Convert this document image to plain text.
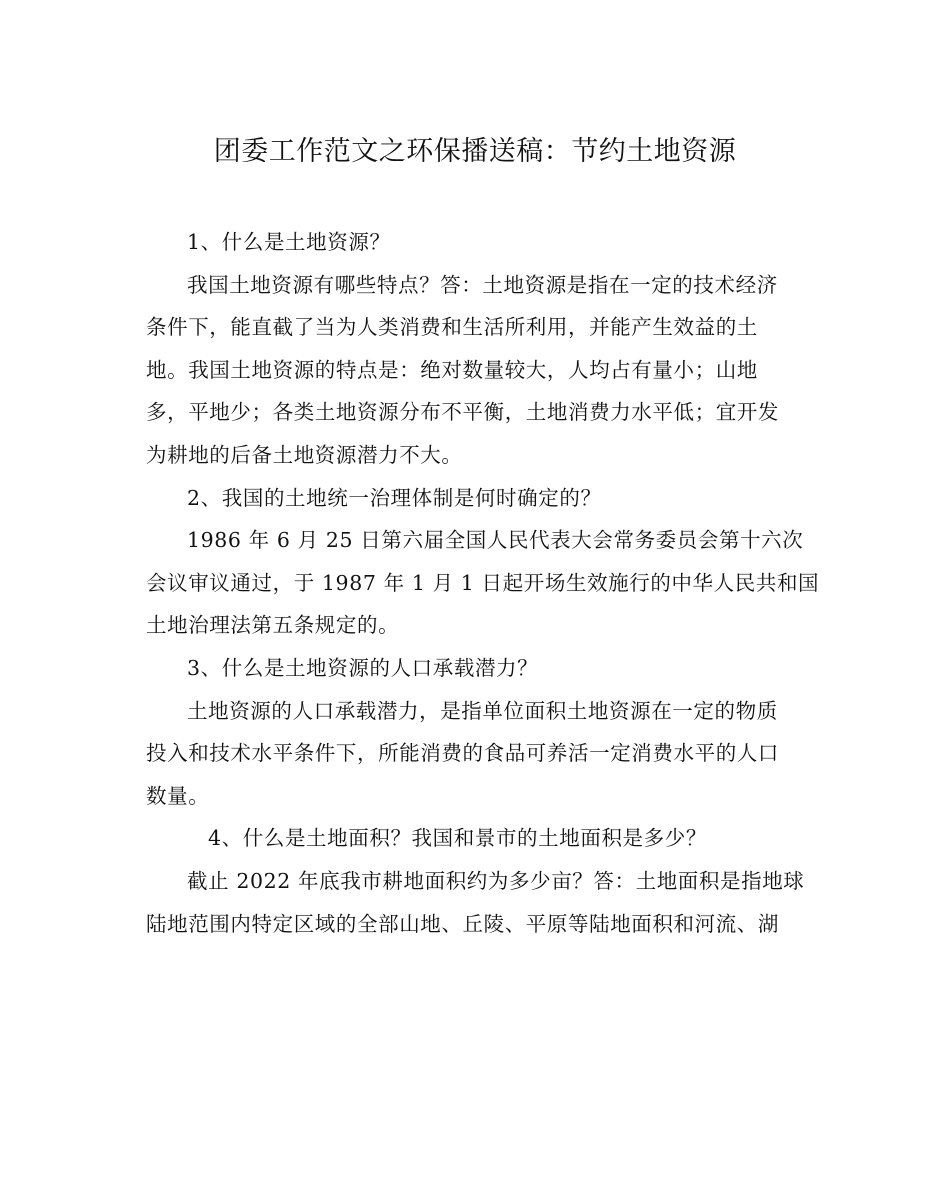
团委工作范文之环保播送稿：节约土地资源
1、什么是土地资源？
我国土地资源有哪些特点？答：土地资源是指在一定的技术经济
条件下，能直截了当为人类消费和生活所利用，并能产生效益的土
地。我国土地资源的特点是：绝对数量较大，人均占有量小；山地
多，平地少；各类土地资源分布不平衡，土地消费力水平低；宜开发
为耕地的后备土地资源潜力不大。
2、我国的土地统一治理体制是何时确定的？
1986 年 6 月 25 日第六届全国人民代表大会常务委员会第十六次
会议审议通过，于 1987 年 1 月 1 日起开场生效施行的中华人民共和国
土地治理法第五条规定的。
3、什么是土地资源的人口承载潜力？
土地资源的人口承载潜力，是指单位面积土地资源在一定的物质
投入和技术水平条件下，所能消费的食品可养活一定消费水平的人口
数量。
4、什么是土地面积？我国和景市的土地面积是多少？
截止 2022 年底我市耕地面积约为多少亩？答：土地面积是指地球
陆地范围内特定区域的全部山地、丘陵、平原等陆地面积和河流、湖
